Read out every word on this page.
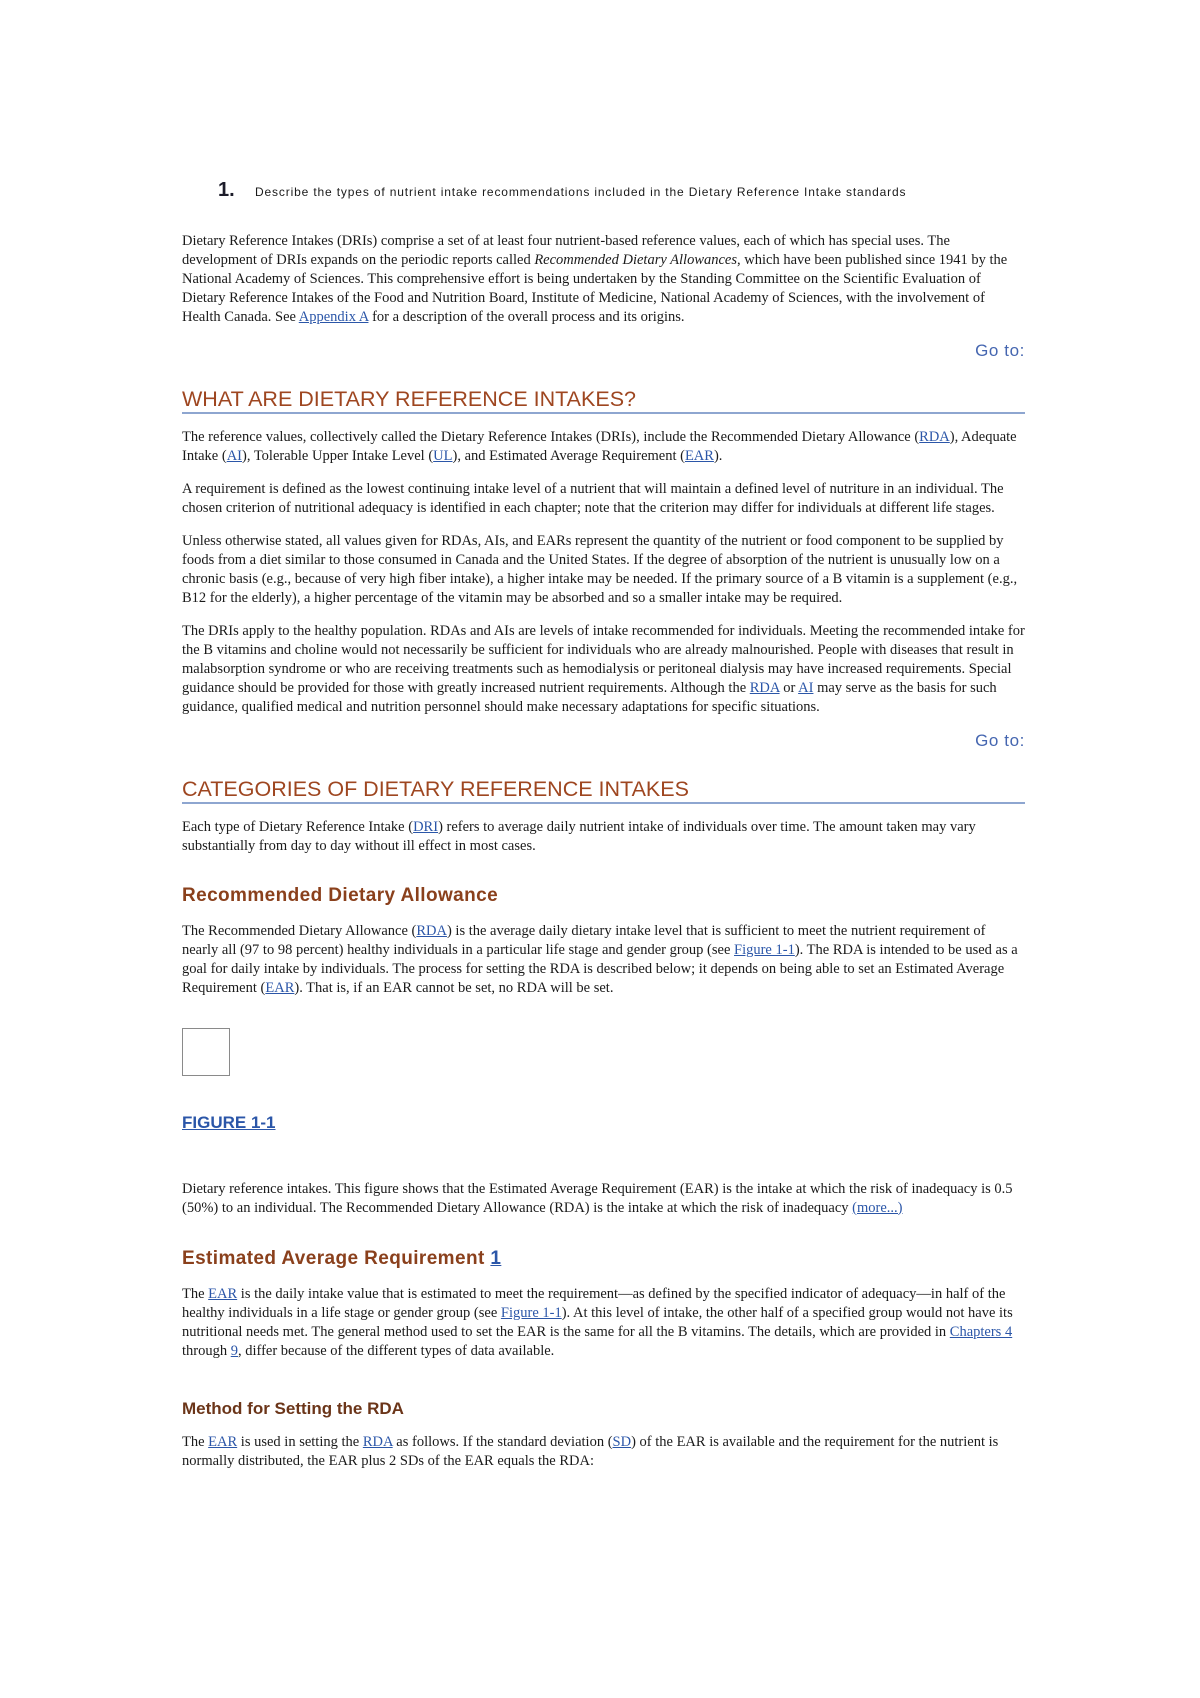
1. Describe the types of nutrient intake recommendations included in the Dietary Reference Intake standards

Dietary Reference Intakes (DRIs) comprise a set of at least four nutrient-based reference values, each of which has special uses. The development of DRIs expands on the periodic reports called Recommended Dietary Allowances, which have been published since 1941 by the National Academy of Sciences. This comprehensive effort is being undertaken by the Standing Committee on the Scientific Evaluation of Dietary Reference Intakes of the Food and Nutrition Board, Institute of Medicine, National Academy of Sciences, with the involvement of Health Canada. See Appendix A for a description of the overall process and its origins.

Go to:
WHAT ARE DIETARY REFERENCE INTAKES?

The reference values, collectively called the Dietary Reference Intakes (DRIs), include the Recommended Dietary Allowance (RDA), Adequate Intake (AI), Tolerable Upper Intake Level (UL), and Estimated Average Requirement (EAR).

A requirement is defined as the lowest continuing intake level of a nutrient that will maintain a defined level of nutriture in an individual. The chosen criterion of nutritional adequacy is identified in each chapter; note that the criterion may differ for individuals at different life stages.

Unless otherwise stated, all values given for RDAs, AIs, and EARs represent the quantity of the nutrient or food component to be supplied by foods from a diet similar to those consumed in Canada and the United States. If the degree of absorption of the nutrient is unusually low on a chronic basis (e.g., because of very high fiber intake), a higher intake may be needed. If the primary source of a B vitamin is a supplement (e.g., B12 for the elderly), a higher percentage of the vitamin may be absorbed and so a smaller intake may be required.

The DRIs apply to the healthy population. RDAs and AIs are levels of intake recommended for individuals. Meeting the recommended intake for the B vitamins and choline would not necessarily be sufficient for individuals who are already malnourished. People with diseases that result in malabsorption syndrome or who are receiving treatments such as hemodialysis or peritoneal dialysis may have increased requirements. Special guidance should be provided for those with greatly increased nutrient requirements. Although the RDA or AI may serve as the basis for such guidance, qualified medical and nutrition personnel should make necessary adaptations for specific situations.

Go to:
CATEGORIES OF DIETARY REFERENCE INTAKES

Each type of Dietary Reference Intake (DRI) refers to average daily nutrient intake of individuals over time. The amount taken may vary substantially from day to day without ill effect in most cases.

Recommended Dietary Allowance

The Recommended Dietary Allowance (RDA) is the average daily dietary intake level that is sufficient to meet the nutrient requirement of nearly all (97 to 98 percent) healthy individuals in a particular life stage and gender group (see Figure 1-1). The RDA is intended to be used as a goal for daily intake by individuals. The process for setting the RDA is described below; it depends on being able to set an Estimated Average Requirement (EAR). That is, if an EAR cannot be set, no RDA will be set.

FIGURE 1-1

Dietary reference intakes. This figure shows that the Estimated Average Requirement (EAR) is the intake at which the risk of inadequacy is 0.5 (50%) to an individual. The Recommended Dietary Allowance (RDA) is the intake at which the risk of inadequacy (more...)

Estimated Average Requirement 1

The EAR is the daily intake value that is estimated to meet the requirement—as defined by the specified indicator of adequacy—in half of the healthy individuals in a life stage or gender group (see Figure 1-1). At this level of intake, the other half of a specified group would not have its nutritional needs met. The general method used to set the EAR is the same for all the B vitamins. The details, which are provided in Chapters 4 through 9, differ because of the different types of data available.

Method for Setting the RDA

The EAR is used in setting the RDA as follows. If the standard deviation (SD) of the EAR is available and the requirement for the nutrient is normally distributed, the EAR plus 2 SDs of the EAR equals the RDA:
